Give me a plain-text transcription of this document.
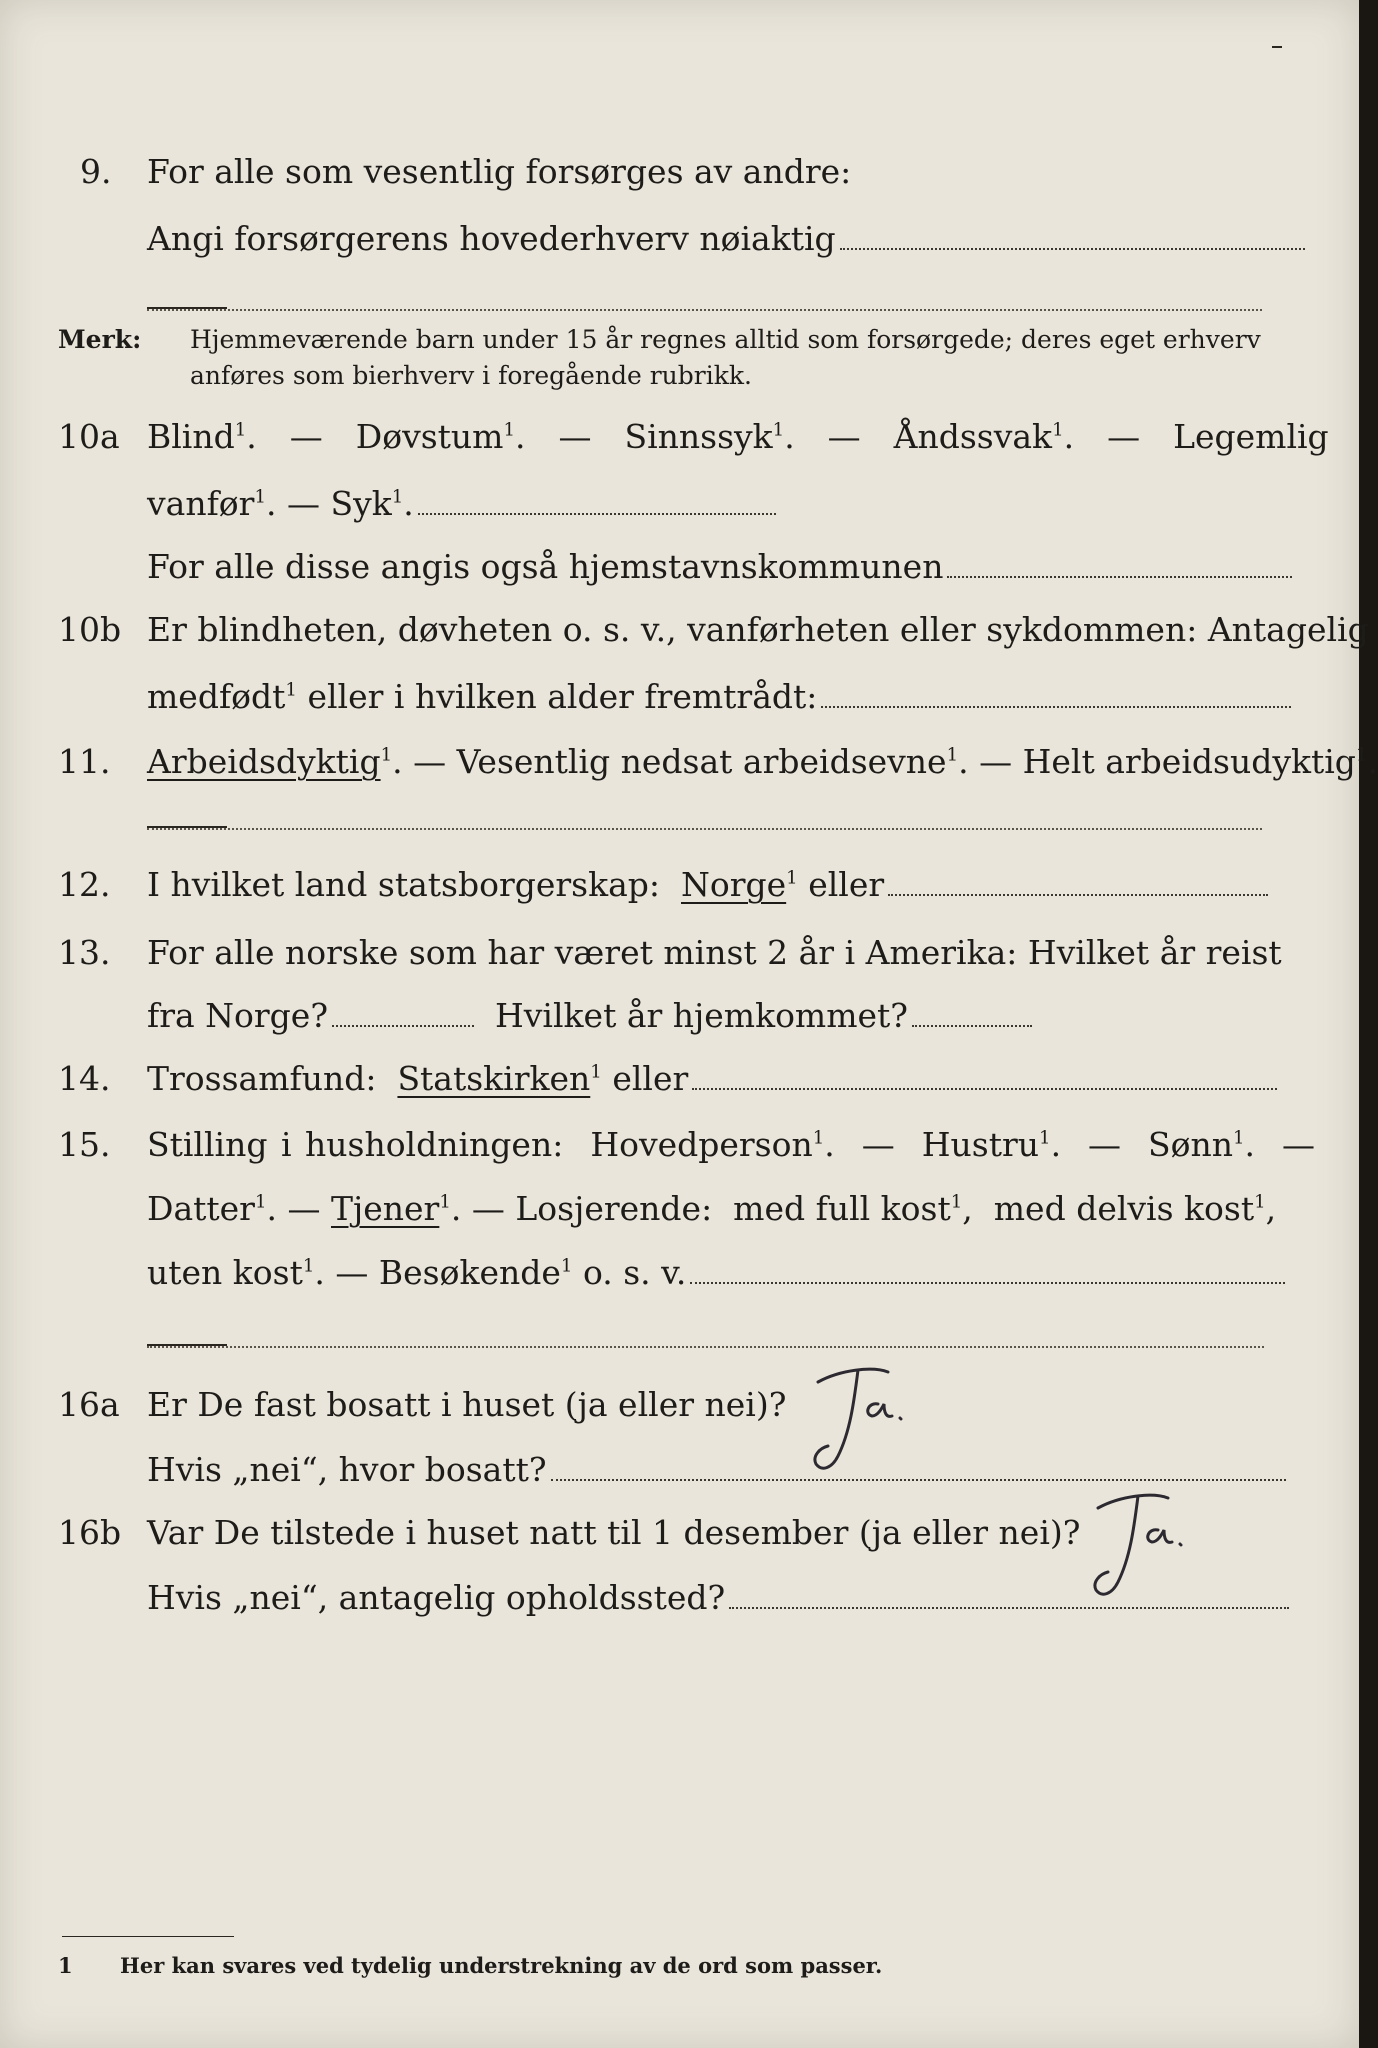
9. For alle som vesentlig forsørges av andre:
Angi forsørgerens hovederhverv nøiaktig
Merk: Hjemmeværende barn under 15 år regnes alltid som forsørgede; deres eget erhverv
anføres som bierhverv i foregående rubrikk.
10a Blind$^1$.  —  Døvstum$^1$.  —  Sinnssyk$^1$.  —  Åndssvak$^1$.  —  Legemlig
vanfør$^1$. — Syk$^1$.
For alle disse angis også hjemstavnskommunen
10b Er blindheten, døvheten o. s. v., vanførheten eller sykdommen: Antagelig
medfødt$^1$ eller i hvilken alder fremtrådt:
11. Arbeidsdyktig$^1$. — Vesentlig nedsat arbeidsevne$^1$. — Helt arbeidsudyktig$^1$.
12. I hvilket land statsborgerskap: Norge$^1$ eller
13. For alle norske som har været minst 2 år i Amerika: Hvilket år reist
fra Norge?	Hvilket år hjemkommet?
14. Trossamfund: Statskirken$^1$ eller
15. Stilling i husholdningen: Hovedperson$^1$.  —  Hustru$^1$.  —  Sønn$^1$.  —
Datter$^1$. — Tjener$^1$. — Losjerende: med full kost$^1$,  med delvis kost$^1$,
uten kost$^1$. — Besøkende$^1$ o. s. v.
16a Er De fast bosatt i huset (ja eller nei)?
Ja.
Hvis „nei“, hvor bosatt?
16b Var De tilstede i huset natt til 1 desember (ja eller nei)?
Ja.
Hvis „nei“, antagelig opholdssted?
1 Her kan svares ved tydelig understrekning av de ord som passer.
